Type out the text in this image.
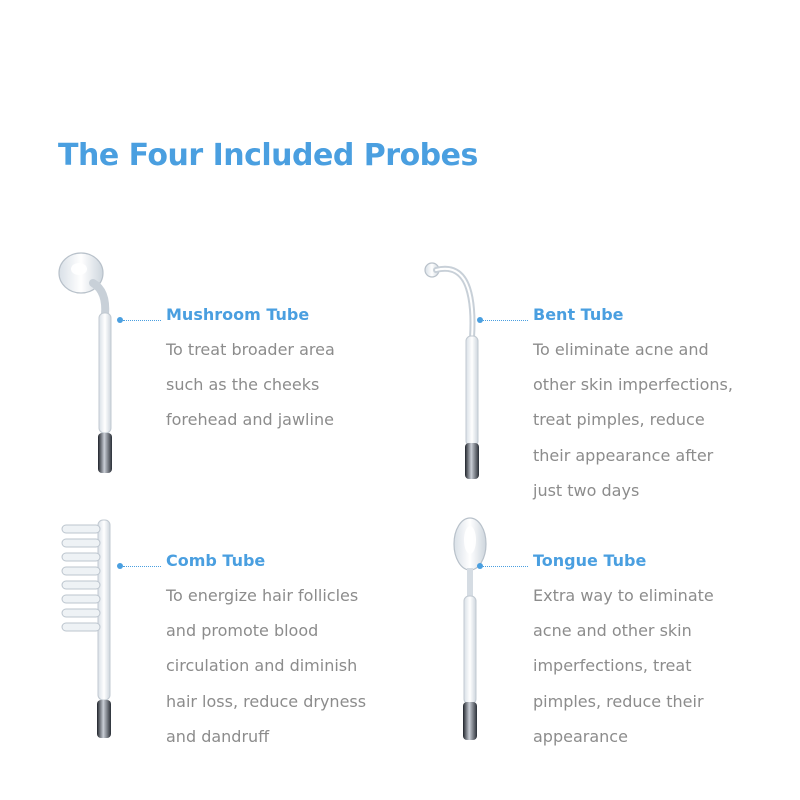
The Four Included Probes
Mushroom Tube
To treat broader area
such as the cheeks
forehead and jawline
Bent Tube
To eliminate acne and
other skin imperfections,
treat pimples, reduce
their appearance after
just two days
Comb Tube
To energize hair follicles
and promote blood
circulation and diminish
hair loss, reduce dryness
and dandruff
Tongue Tube
Extra way to eliminate
acne and other skin
imperfections, treat
pimples, reduce their
appearance
